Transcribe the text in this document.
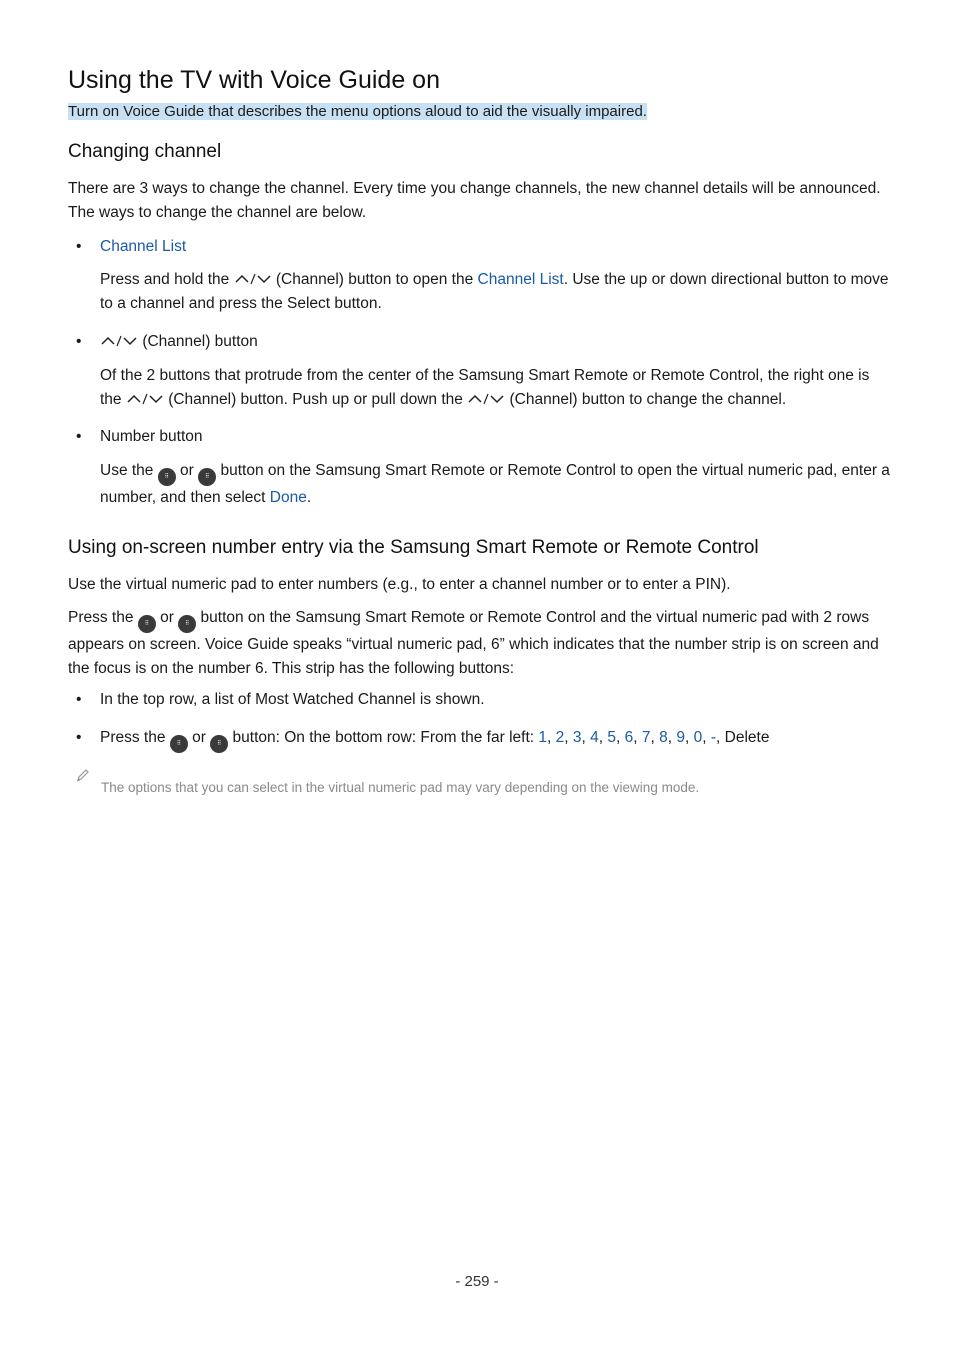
Using the TV with Voice Guide on

Turn on Voice Guide that describes the menu options aloud to aid the visually impaired.

Changing channel

There are 3 ways to change the channel. Every time you change channels, the new channel details will be announced. The ways to change the channel are below.

• Channel List

Press and hold the	(Channel) button to open the Channel List. Use the up or down directional button to move to a channel and press the Select button.

•	(Channel) button

Of the 2 buttons that protrude from the center of the Samsung Smart Remote or Remote Control, the right one is the	(Channel) button. Push up or pull down the	(Channel) button to change the channel.

• Number button

Use the ⠿ or ⠿ button on the Samsung Smart Remote or Remote Control to open the virtual numeric pad, enter a number, and then select Done.

Using on-screen number entry via the Samsung Smart Remote or Remote Control

Use the virtual numeric pad to enter numbers (e.g., to enter a channel number or to enter a PIN).

Press the ⠿ or ⠿ button on the Samsung Smart Remote or Remote Control and the virtual numeric pad with 2 rows appears on screen. Voice Guide speaks “virtual numeric pad, 6” which indicates that the number strip is on screen and the focus is on the number 6. This strip has the following buttons:

• In the top row, a list of Most Watched Channel is shown.

• Press the ⠿ or ⠿ button: On the bottom row: From the far left: 1, 2, 3, 4, 5, 6, 7, 8, 9, 0, -, Delete

The options that you can select in the virtual numeric pad may vary depending on the viewing mode.

- 259 -
